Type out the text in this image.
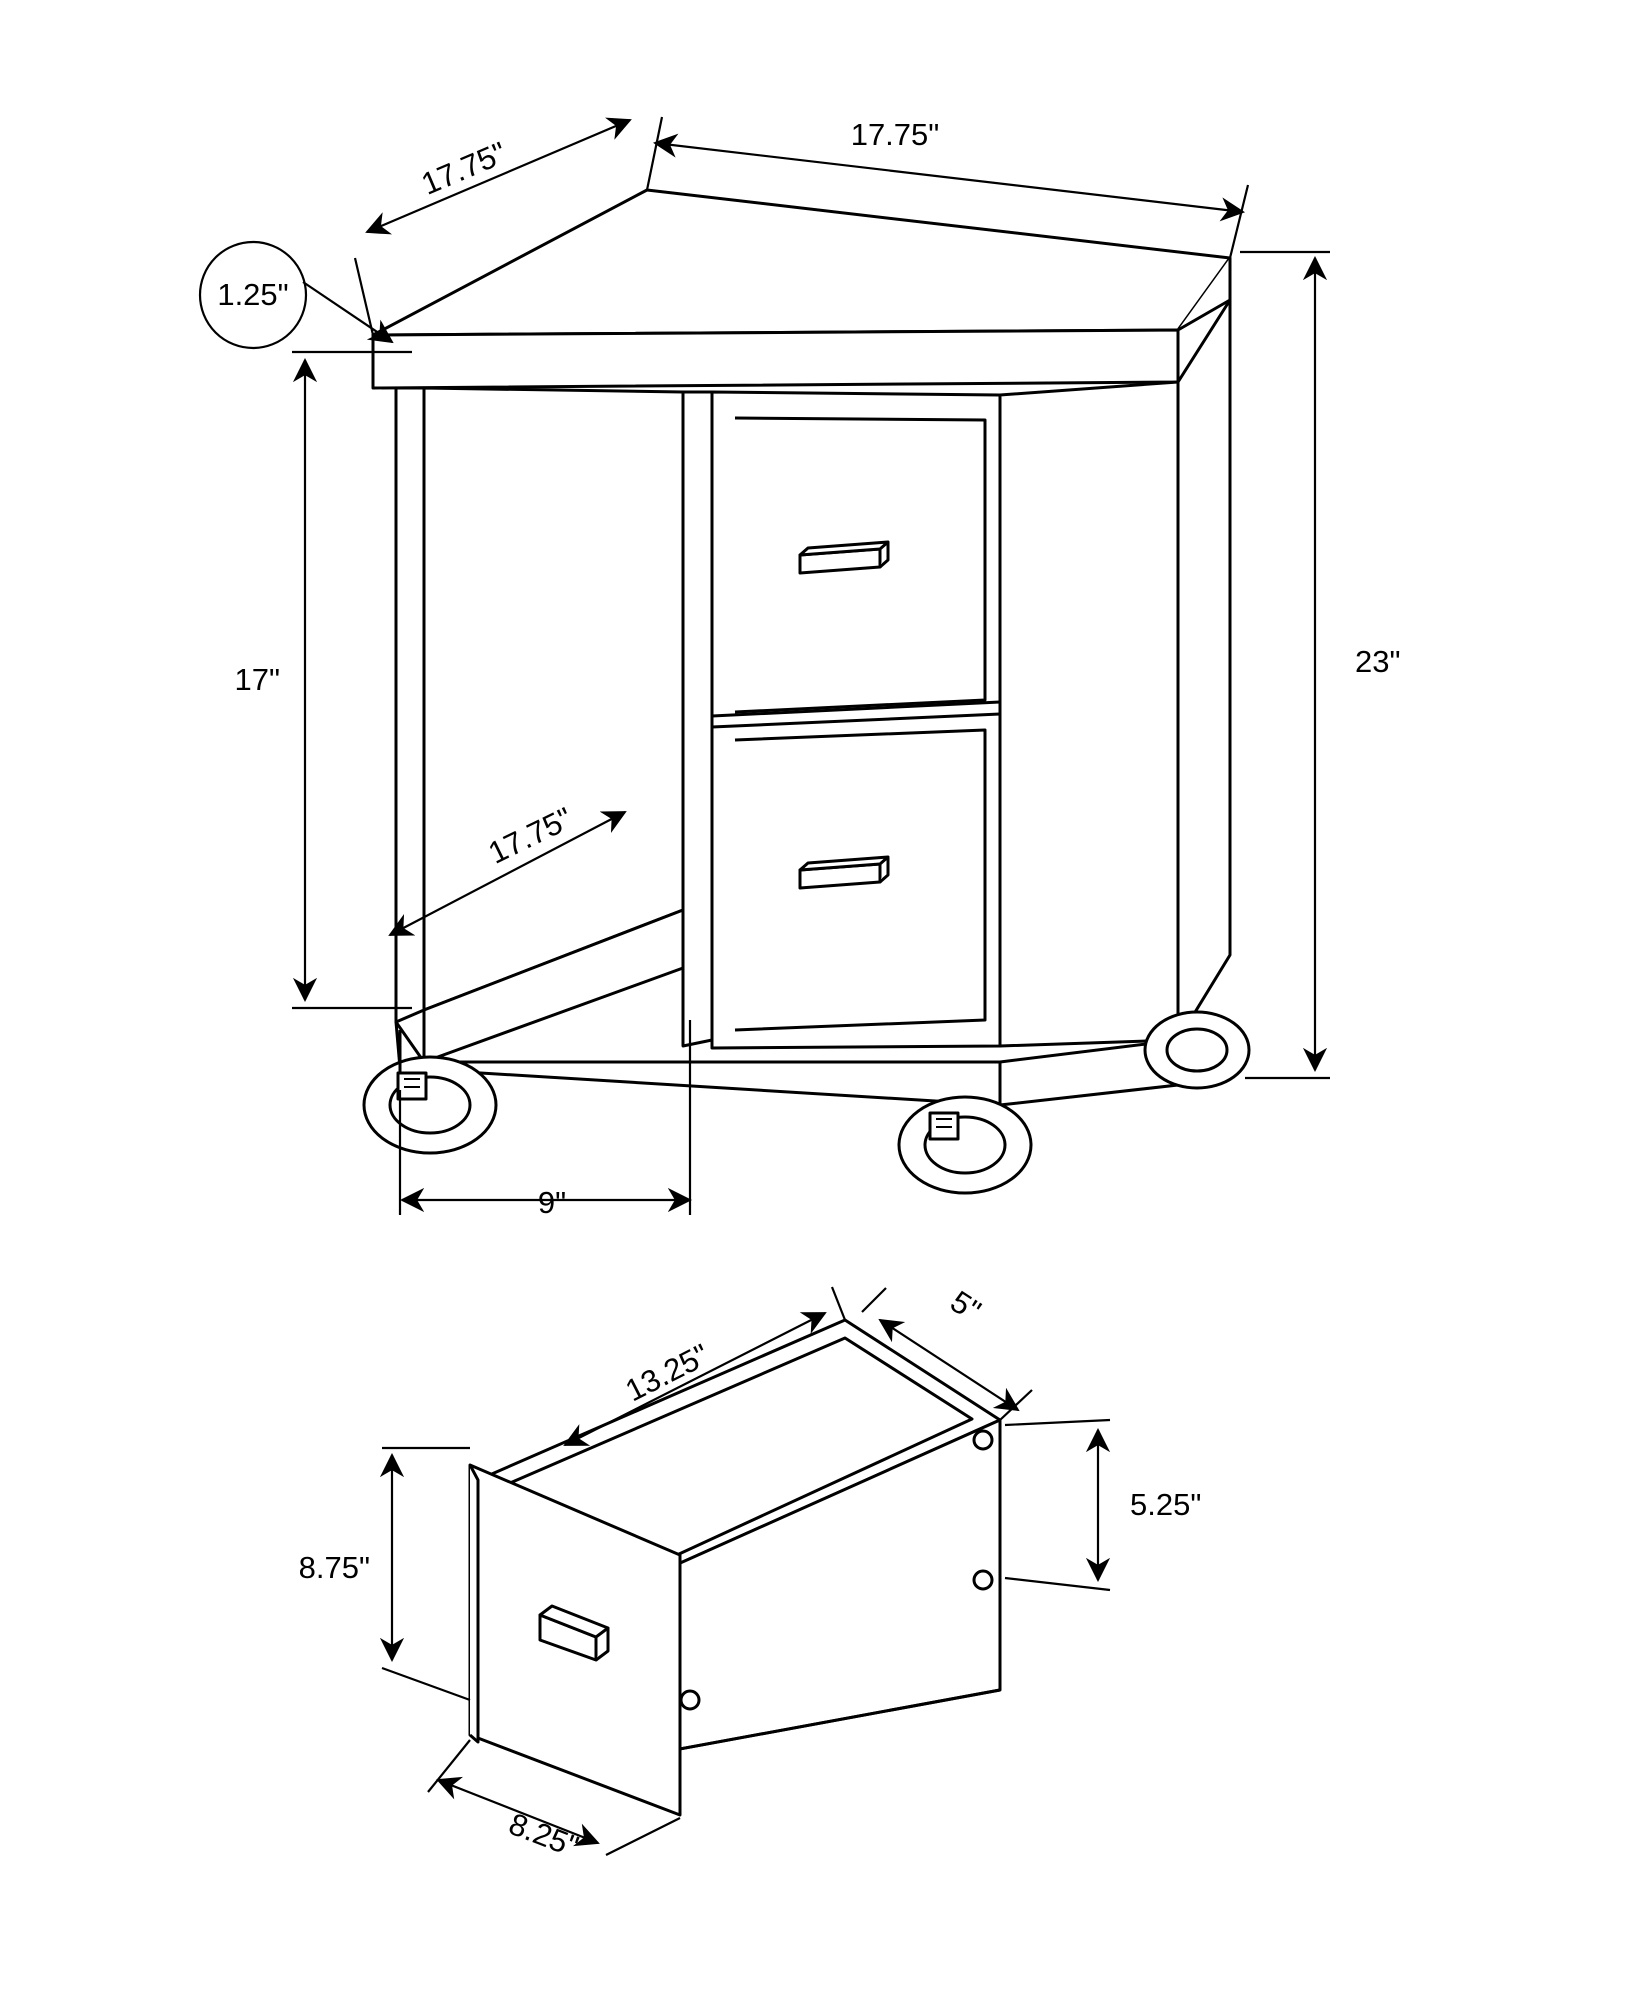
17.75"
17.75"
1.25"
23"
17"
17.75"
9"
13.25"
5"
5.25"
8.75"
8.25"
